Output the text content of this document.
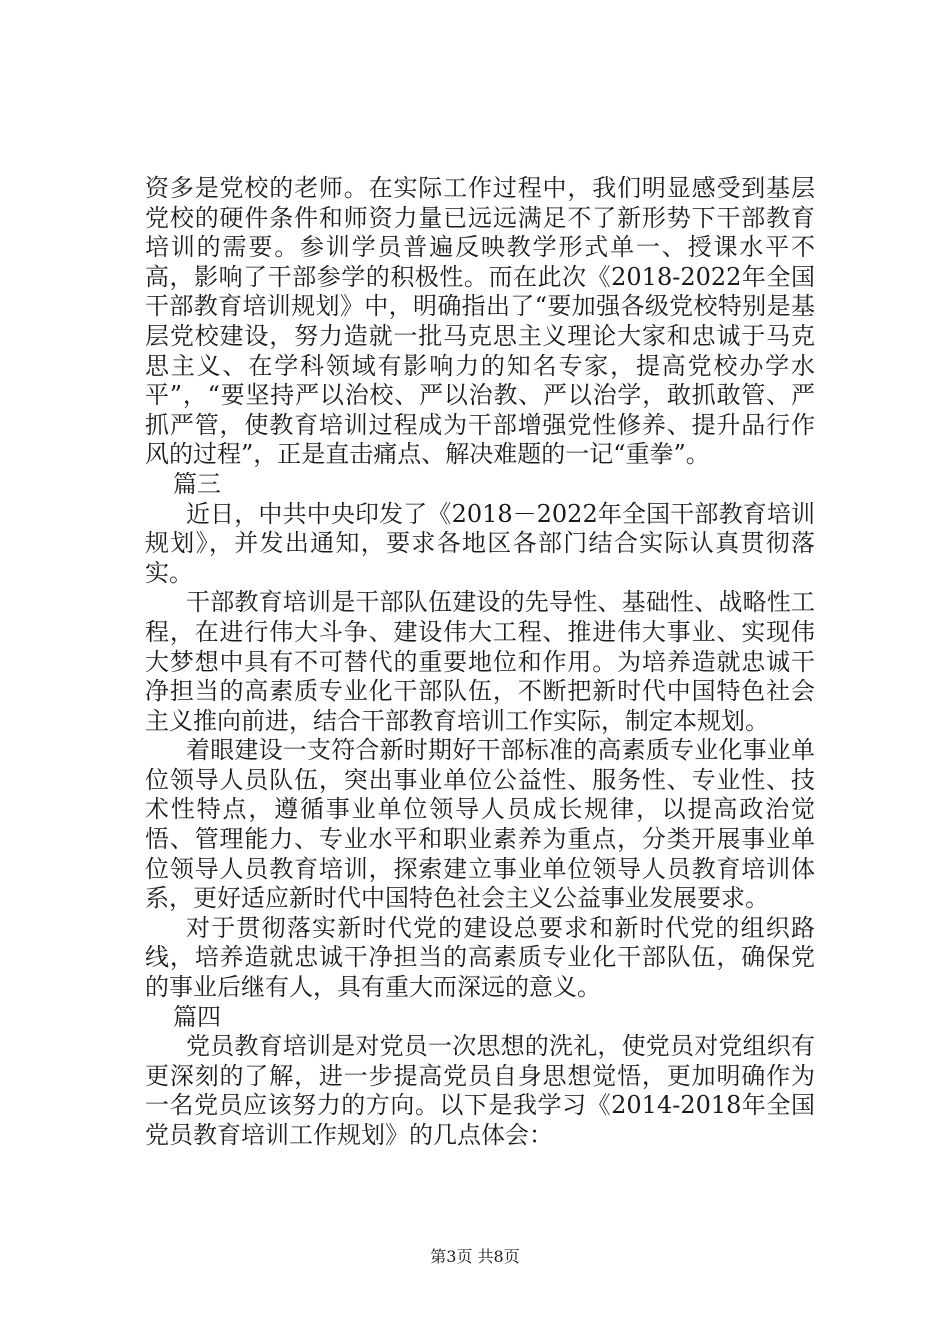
资多是党校的老师。在实际工作过程中，我们明显感受到基层党校的硬件条件和师资力量已远远满足不了新形势下干部教育培训的需要。参训学员普遍反映教学形式单一、授课水平不高，影响了干部参学的积极性。而在此次《2018-2022年全国干部教育培训规划》中，明确指出了“要加强各级党校特别是基层党校建设，努力造就一批马克思主义理论大家和忠诚于马克思主义、在学科领域有影响力的知名专家，提高党校办学水平”，“要坚持严以治校、严以治教、严以治学，敢抓敢管、严抓严管，使教育培训过程成为干部增强党性修养、提升品行作风的过程”，正是直击痛点、解决难题的一记“重拳”。

篇三

近日，中共中央印发了《2018－2022年全国干部教育培训规划》，并发出通知，要求各地区各部门结合实际认真贯彻落实。

干部教育培训是干部队伍建设的先导性、基础性、战略性工程，在进行伟大斗争、建设伟大工程、推进伟大事业、实现伟大梦想中具有不可替代的重要地位和作用。为培养造就忠诚干净担当的高素质专业化干部队伍，不断把新时代中国特色社会主义推向前进，结合干部教育培训工作实际，制定本规划。

着眼建设一支符合新时期好干部标准的高素质专业化事业单位领导人员队伍，突出事业单位公益性、服务性、专业性、技术性特点，遵循事业单位领导人员成长规律，以提高政治觉悟、管理能力、专业水平和职业素养为重点，分类开展事业单位领导人员教育培训，探索建立事业单位领导人员教育培训体系，更好适应新时代中国特色社会主义公益事业发展要求。

对于贯彻落实新时代党的建设总要求和新时代党的组织路线，培养造就忠诚干净担当的高素质专业化干部队伍，确保党的事业后继有人，具有重大而深远的意义。

篇四

党员教育培训是对党员一次思想的洗礼，使党员对党组织有更深刻的了解，进一步提高党员自身思想觉悟，更加明确作为一名党员应该努力的方向。以下是我学习《2014-2018年全国党员教育培训工作规划》的几点体会：

第3页 共8页
